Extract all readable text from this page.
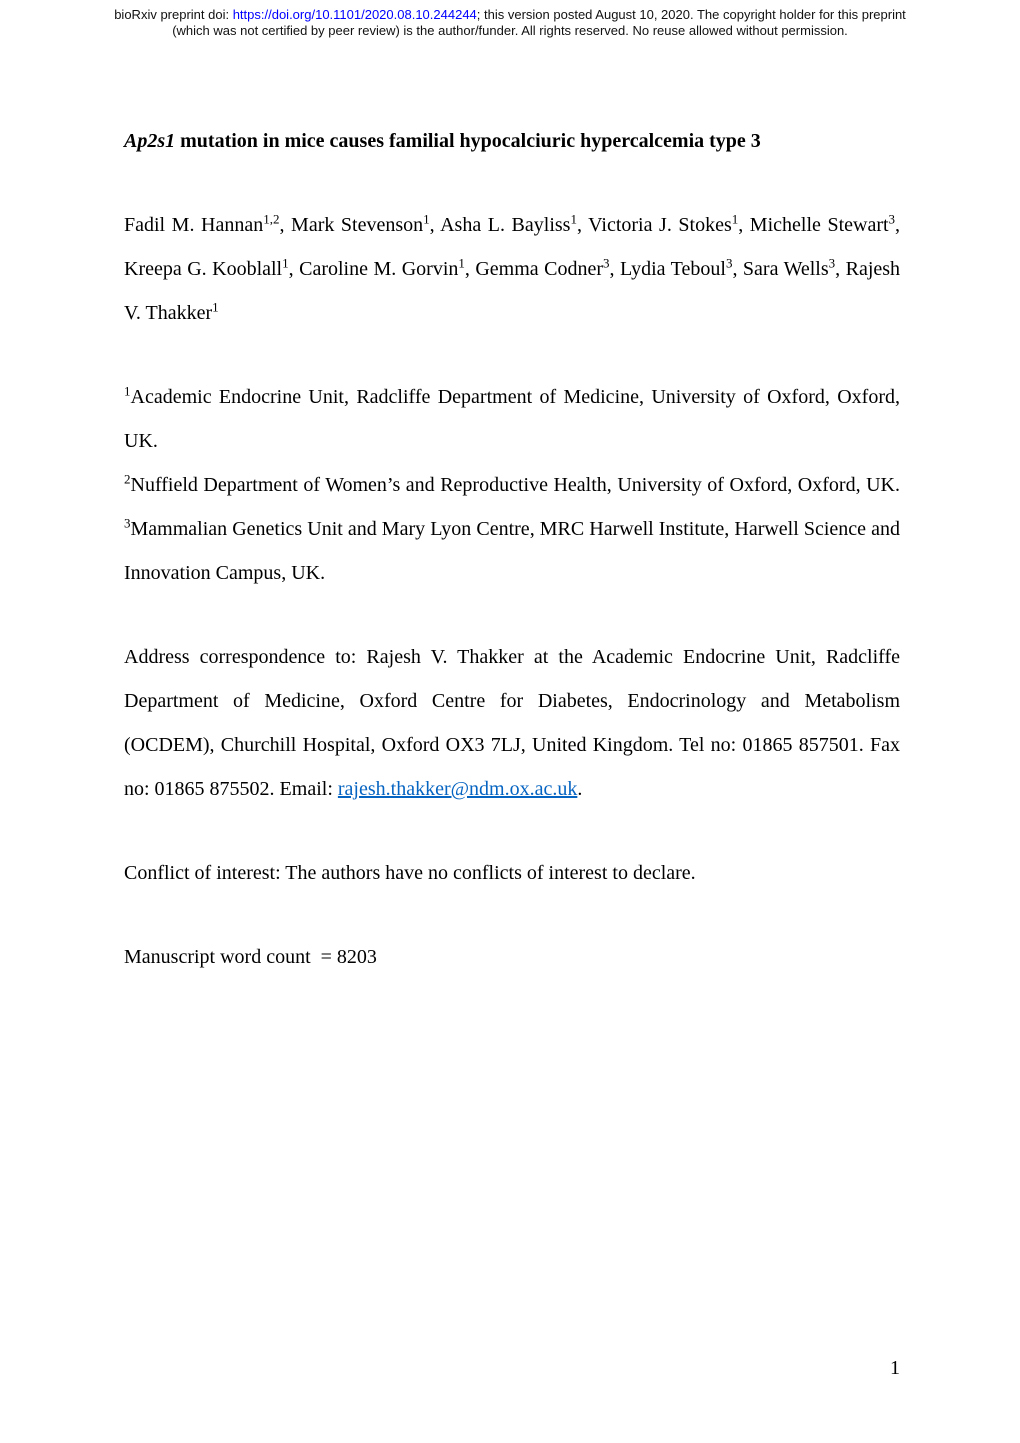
bioRxiv preprint doi: https://doi.org/10.1101/2020.08.10.244244; this version posted August 10, 2020. The copyright holder for this preprint
(which was not certified by peer review) is the author/funder. All rights reserved. No reuse allowed without permission.
Ap2s1 mutation in mice causes familial hypocalciuric hypercalcemia type 3
Fadil M. Hannan$^{1,2}$, Mark Stevenson$^1$, Asha L. Bayliss$^1$, Victoria J. Stokes$^1$, Michelle Stewart$^3$, Kreepa G. Kooblall$^1$, Caroline M. Gorvin$^1$, Gemma Codner$^3$, Lydia Teboul$^3$, Sara Wells$^3$, Rajesh V. Thakker$^1$
$^1$Academic Endocrine Unit, Radcliffe Department of Medicine, University of Oxford, Oxford, UK.
$^2$Nuffield Department of Women’s and Reproductive Health, University of Oxford, Oxford, UK.
$^3$Mammalian Genetics Unit and Mary Lyon Centre, MRC Harwell Institute, Harwell Science and Innovation Campus, UK.
Address correspondence to: Rajesh V. Thakker at the Academic Endocrine Unit, Radcliffe Department of Medicine, Oxford Centre for Diabetes, Endocrinology and Metabolism (OCDEM), Churchill Hospital, Oxford OX3 7LJ, United Kingdom. Tel no: 01865 857501. Fax no: 01865 875502. Email: rajesh.thakker@ndm.ox.ac.uk.
Conflict of interest: The authors have no conflicts of interest to declare.
Manuscript word count  = 8203
1
